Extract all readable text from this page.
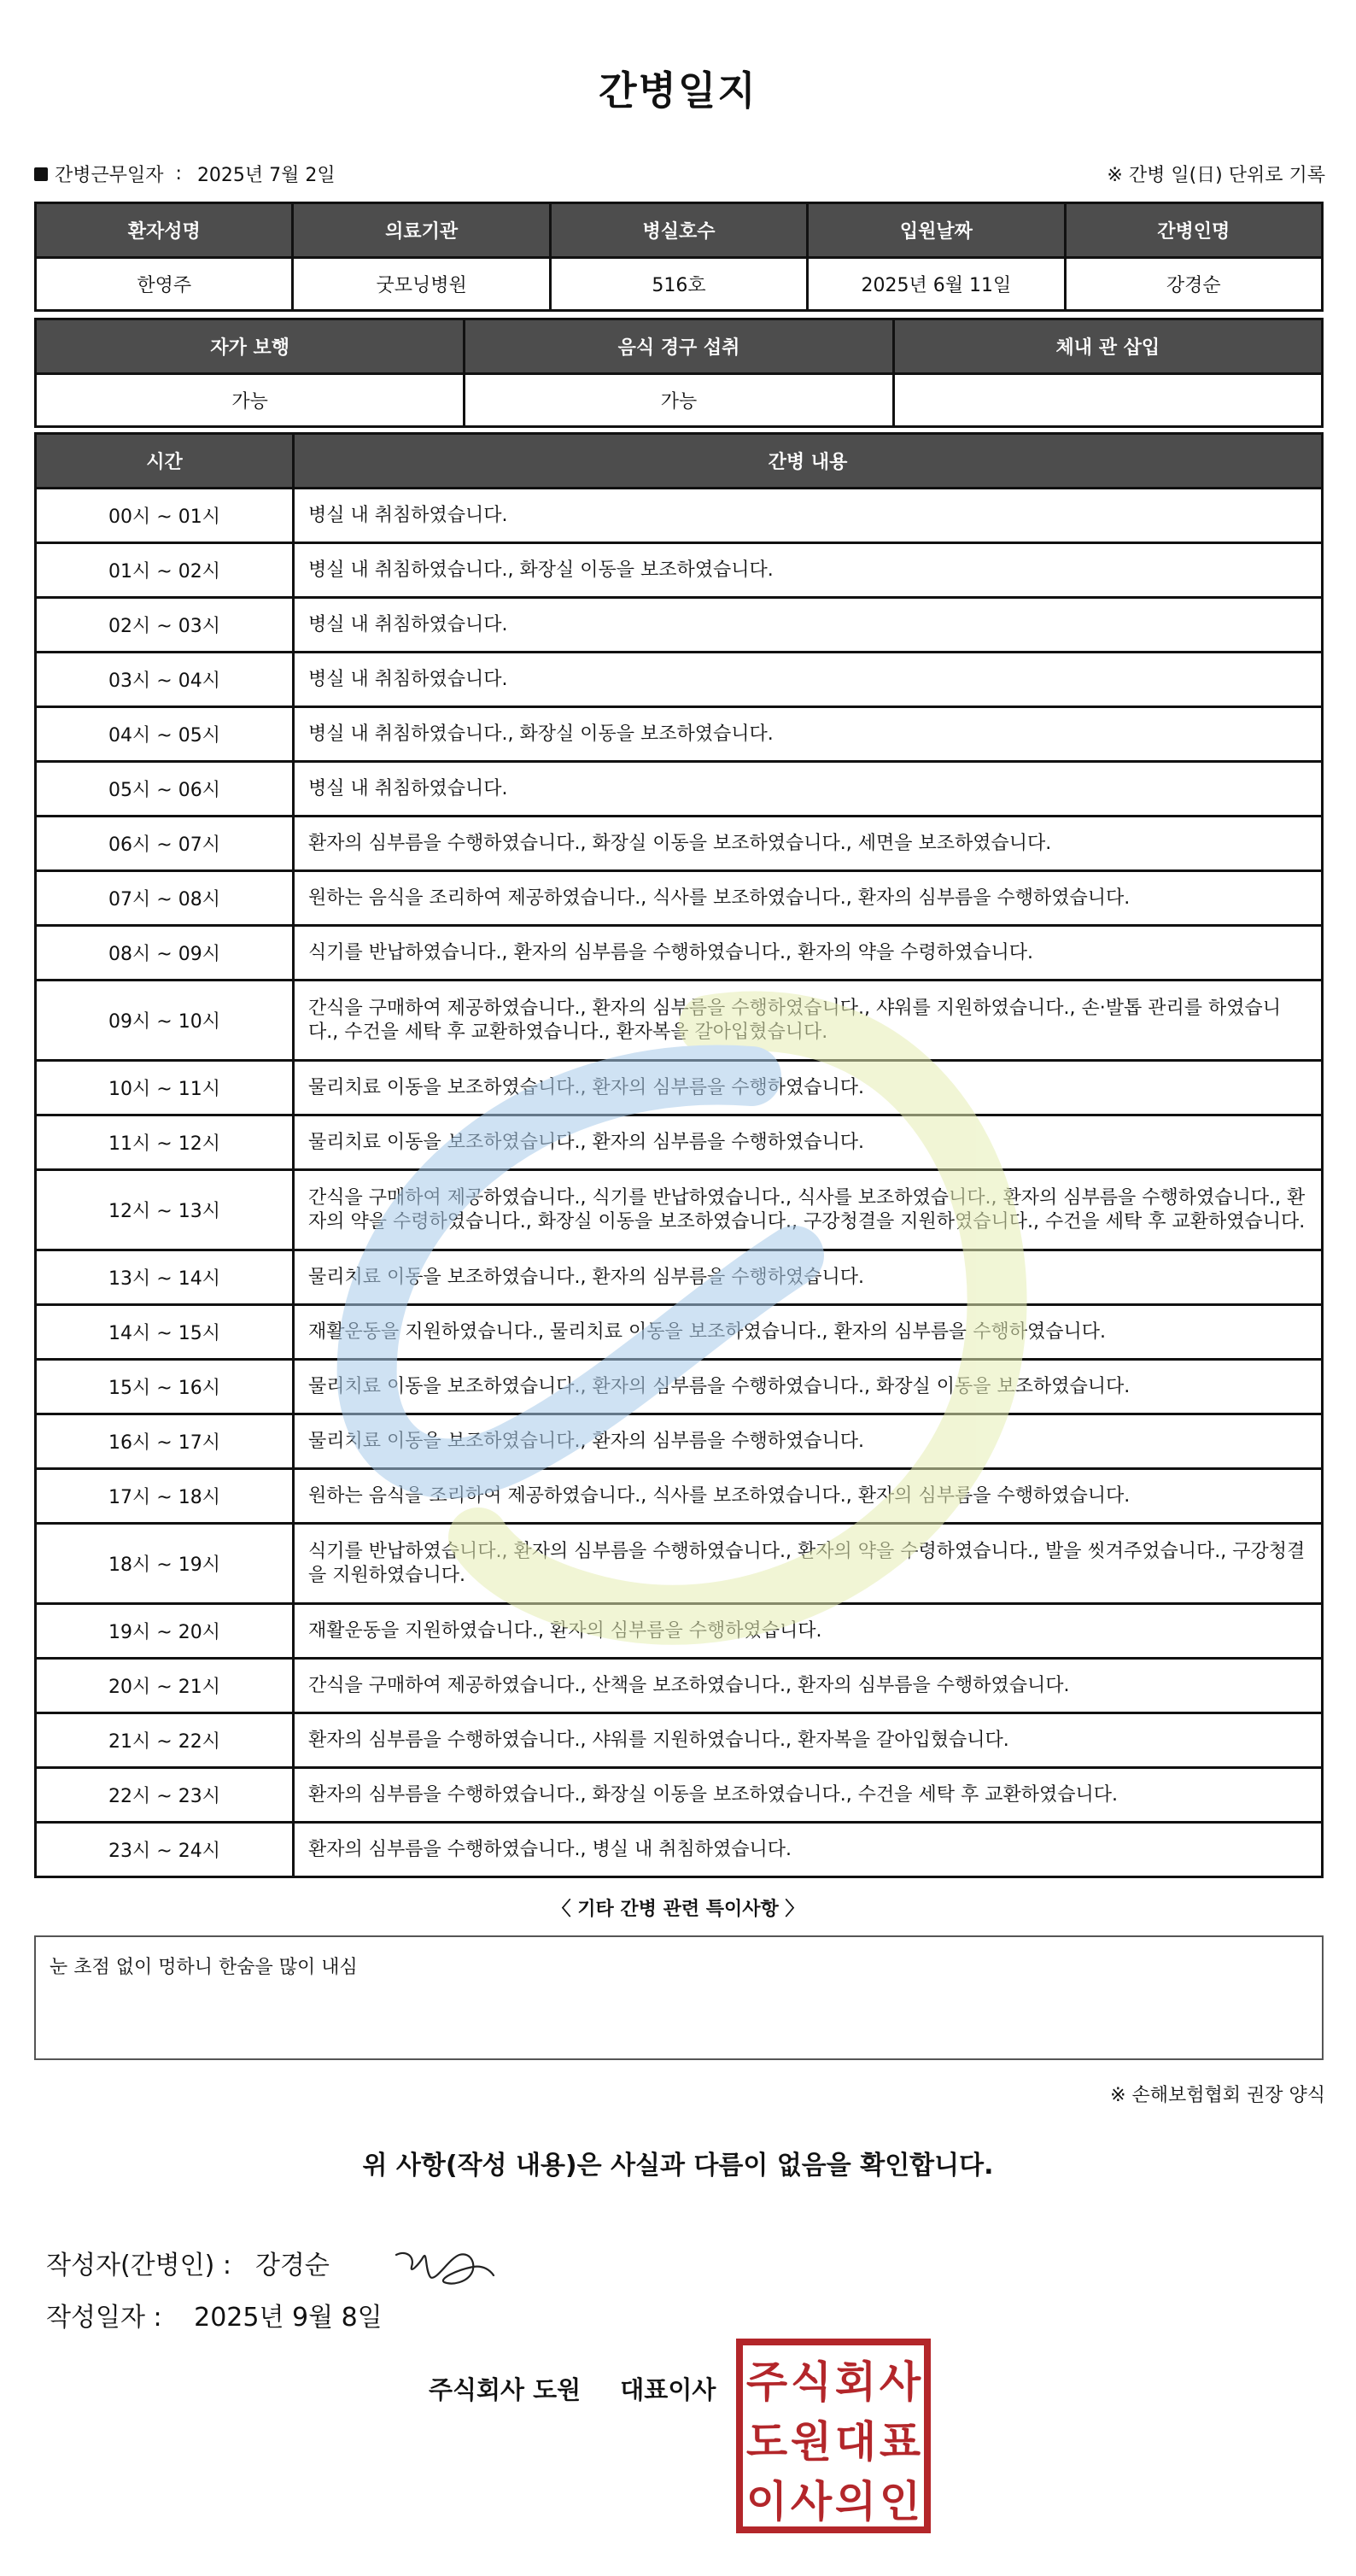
간병일지
간병근무일자 : 2025년 7월 2일	※ 간병 일(日) 단위로 기록
환자성명	의료기관	병실호수	입원날짜	간병인명
한영주	굿모닝병원	516호	2025년 6월 11일	강경순
자가 보행	음식 경구 섭취	체내 관 삽입
가능	가능	
시간	간병 내용
00시 ~ 01시	병실 내 취침하였습니다.
01시 ~ 02시	병실 내 취침하였습니다., 화장실 이동을 보조하였습니다.
02시 ~ 03시	병실 내 취침하였습니다.
03시 ~ 04시	병실 내 취침하였습니다.
04시 ~ 05시	병실 내 취침하였습니다., 화장실 이동을 보조하였습니다.
05시 ~ 06시	병실 내 취침하였습니다.
06시 ~ 07시	환자의 심부름을 수행하였습니다., 화장실 이동을 보조하였습니다., 세면을 보조하였습니다.
07시 ~ 08시	원하는 음식을 조리하여 제공하였습니다., 식사를 보조하였습니다., 환자의 심부름을 수행하였습니다.
08시 ~ 09시	식기를 반납하였습니다., 환자의 심부름을 수행하였습니다., 환자의 약을 수령하였습니다.
09시 ~ 10시	간식을 구매하여 제공하였습니다., 환자의 심부름을 수행하였습니다., 샤워를 지원하였습니다., 손·발톱 관리를 하였습니다., 수건을 세탁 후 교환하였습니다., 환자복을 갈아입혔습니다.
10시 ~ 11시	물리치료 이동을 보조하였습니다., 환자의 심부름을 수행하였습니다.
11시 ~ 12시	물리치료 이동을 보조하였습니다., 환자의 심부름을 수행하였습니다.
12시 ~ 13시	간식을 구매하여 제공하였습니다., 식기를 반납하였습니다., 식사를 보조하였습니다., 환자의 심부름을 수행하였습니다., 환자의 약을 수령하였습니다., 화장실 이동을 보조하였습니다., 구강청결을 지원하였습니다., 수건을 세탁 후 교환하였습니다.
13시 ~ 14시	물리치료 이동을 보조하였습니다., 환자의 심부름을 수행하였습니다.
14시 ~ 15시	재활운동을 지원하였습니다., 물리치료 이동을 보조하였습니다., 환자의 심부름을 수행하였습니다.
15시 ~ 16시	물리치료 이동을 보조하였습니다., 환자의 심부름을 수행하였습니다., 화장실 이동을 보조하였습니다.
16시 ~ 17시	물리치료 이동을 보조하였습니다., 환자의 심부름을 수행하였습니다.
17시 ~ 18시	원하는 음식을 조리하여 제공하였습니다., 식사를 보조하였습니다., 환자의 심부름을 수행하였습니다.
18시 ~ 19시	식기를 반납하였습니다., 환자의 심부름을 수행하였습니다., 환자의 약을 수령하였습니다., 발을 씻겨주었습니다., 구강청결을 지원하였습니다.
19시 ~ 20시	재활운동을 지원하였습니다., 환자의 심부름을 수행하였습니다.
20시 ~ 21시	간식을 구매하여 제공하였습니다., 산책을 보조하였습니다., 환자의 심부름을 수행하였습니다.
21시 ~ 22시	환자의 심부름을 수행하였습니다., 샤워를 지원하였습니다., 환자복을 갈아입혔습니다.
22시 ~ 23시	환자의 심부름을 수행하였습니다., 화장실 이동을 보조하였습니다., 수건을 세탁 후 교환하였습니다.
23시 ~ 24시	환자의 심부름을 수행하였습니다., 병실 내 취침하였습니다.
〈 기타 간병 관련 특이사항 〉
눈 초점 없이 멍하니 한숨을 많이 내심
※ 손해보험협회 권장 양식
위 사항(작성 내용)은 사실과 다름이 없음을 확인합니다.
작성자(간병인) : 강경순
작성일자 : 2025년 9월 8일
주식회사 도원 대표이사 주 식 회 사
도 원 대 표
이 사 의 인
